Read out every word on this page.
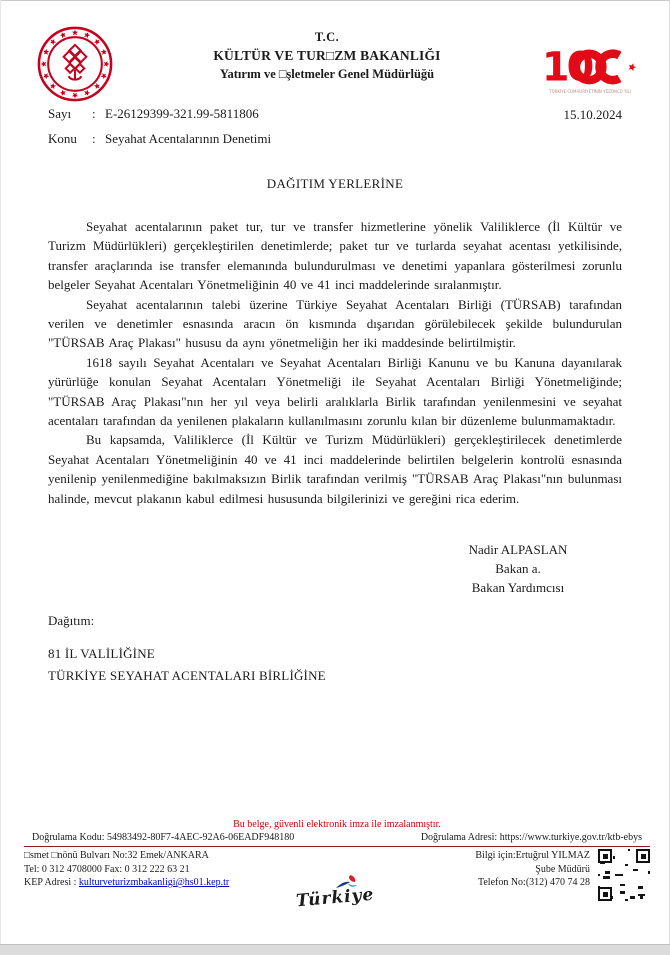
T.C.
KÜLTÜR VE TUR□ZM BAKANLIĞI
Yatırım ve □şletmeler Genel Müdürlüğü	10
TÜRKİYE CUMHURİYETİNİN YÜZÜNCÜ YILI
Sayı	: E-26129399-321.99-5811806
Konu	: Seyahat Acentalarının Denetimi
15.10.2024
DAĞITIM YERLERİNE

Seyahat acentalarının paket tur, tur ve transfer hizmetlerine yönelik Valiliklerce (İl Kültür ve Turizm Müdürlükleri) gerçekleştirilen denetimlerde; paket tur ve turlarda seyahat acentası yetkilisinde, transfer araçlarında ise transfer elemanında bulundurulması ve denetimi yapanlara gösterilmesi zorunlu belgeler Seyahat Acentaları Yönetmeliğinin 40 ve 41 inci maddelerinde sıralanmıştır.

Seyahat acentalarının talebi üzerine Türkiye Seyahat Acentaları Birliği (TÜRSAB) tarafından verilen ve denetimler esnasında aracın ön kısmında dışarıdan görülebilecek şekilde bulundurulan "TÜRSAB Araç Plakası" hususu da aynı yönetmeliğin her iki maddesinde belirtilmiştir.

1618 sayılı Seyahat Acentaları ve Seyahat Acentaları Birliği Kanunu ve bu Kanuna dayanılarak yürürlüğe konulan Seyahat Acentaları Yönetmeliği ile Seyahat Acentaları Birliği Yönetmeliğinde; "TÜRSAB Araç Plakası"nın her yıl veya belirli aralıklarla Birlik tarafından yenilenmesini ve seyahat acentaları tarafından da yenilenen plakaların kullanılmasını zorunlu kılan bir düzenleme bulunmamaktadır.

Bu kapsamda, Valiliklerce (İl Kültür ve Turizm Müdürlükleri) gerçekleştirilecek denetimlerde Seyahat Acentaları Yönetmeliğinin 40 ve 41 inci maddelerinde belirtilen belgelerin kontrolü esnasında yenilenip yenilenmediğine bakılmaksızın Birlik tarafından verilmiş "TÜRSAB Araç Plakası"nın bulunması halinde, mevcut plakanın kabul edilmesi hususunda bilgilerinizi ve gereğini rica ederim.

Nadir ALPASLAN
Bakan a.
Bakan Yardımcısı
Dağıtım:
81 İL VALİLİĞİNE
TÜRKİYE SEYAHAT ACENTALARI BİRLİĞİNE
Bu belge, güvenli elektronik imza ile imzalanmıştır.
Doğrulama Kodu: 54983492-80F7-4AEC-92A6-06EADF948180	Doğrulama Adresi: https://www.turkiye.gov.tr/ktb-ebys
□smet □nönü Bulvarı No:32 Emek/ANKARA
Tel: 0 312 4708000 Fax: 0 312 222 63 21
KEP Adresi : kulturveturizmbakanligi@hs01.kep.tr
Bilgi için:Ertuğrul YILMAZ
Şube Müdürü
Telefon No:(312) 470 74 28
Türkiye
